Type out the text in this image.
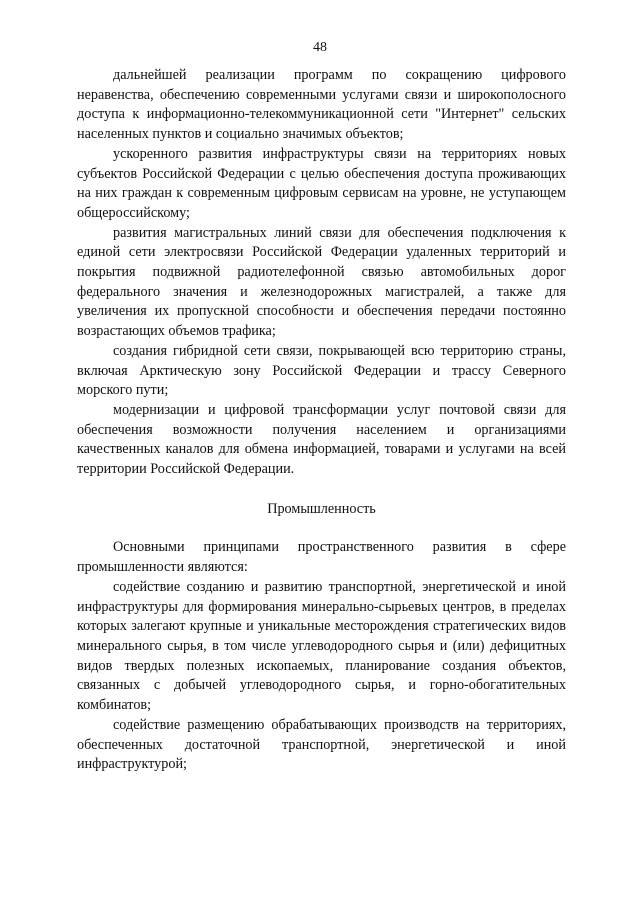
48

дальнейшей реализации программ по сокращению цифрового неравенства, обеспечению современными услугами связи и широкополосного доступа к информационно-телекоммуникационной сети "Интернет" сельских населенных пунктов и социально значимых объектов;

ускоренного развития инфраструктуры связи на территориях новых субъектов Российской Федерации с целью обеспечения доступа проживающих на них граждан к современным цифровым сервисам на уровне, не уступающем общероссийскому;

развития магистральных линий связи для обеспечения подключения к единой сети электросвязи Российской Федерации удаленных территорий и покрытия подвижной радиотелефонной связью автомобильных дорог федерального значения и железнодорожных магистралей, а также для увеличения их пропускной способности и обеспечения передачи постоянно возрастающих объемов трафика;

создания гибридной сети связи, покрывающей всю территорию страны, включая Арктическую зону Российской Федерации и трассу Северного морского пути;

модернизации и цифровой трансформации услуг почтовой связи для обеспечения возможности получения населением и организациями качественных каналов для обмена информацией, товарами и услугами на всей территории Российской Федерации.

Промышленность

Основными принципами пространственного развития в сфере промышленности являются:

содействие созданию и развитию транспортной, энергетической и иной инфраструктуры для формирования минерально-сырьевых центров, в пределах которых залегают крупные и уникальные месторождения стратегических видов минерального сырья, в том числе углеводородного сырья и (или) дефицитных видов твердых полезных ископаемых, планирование создания объектов, связанных с добычей углеводородного сырья, и горно-обогатительных комбинатов;

содействие размещению обрабатывающих производств на территориях, обеспеченных достаточной транспортной, энергетической и иной инфраструктурой;
